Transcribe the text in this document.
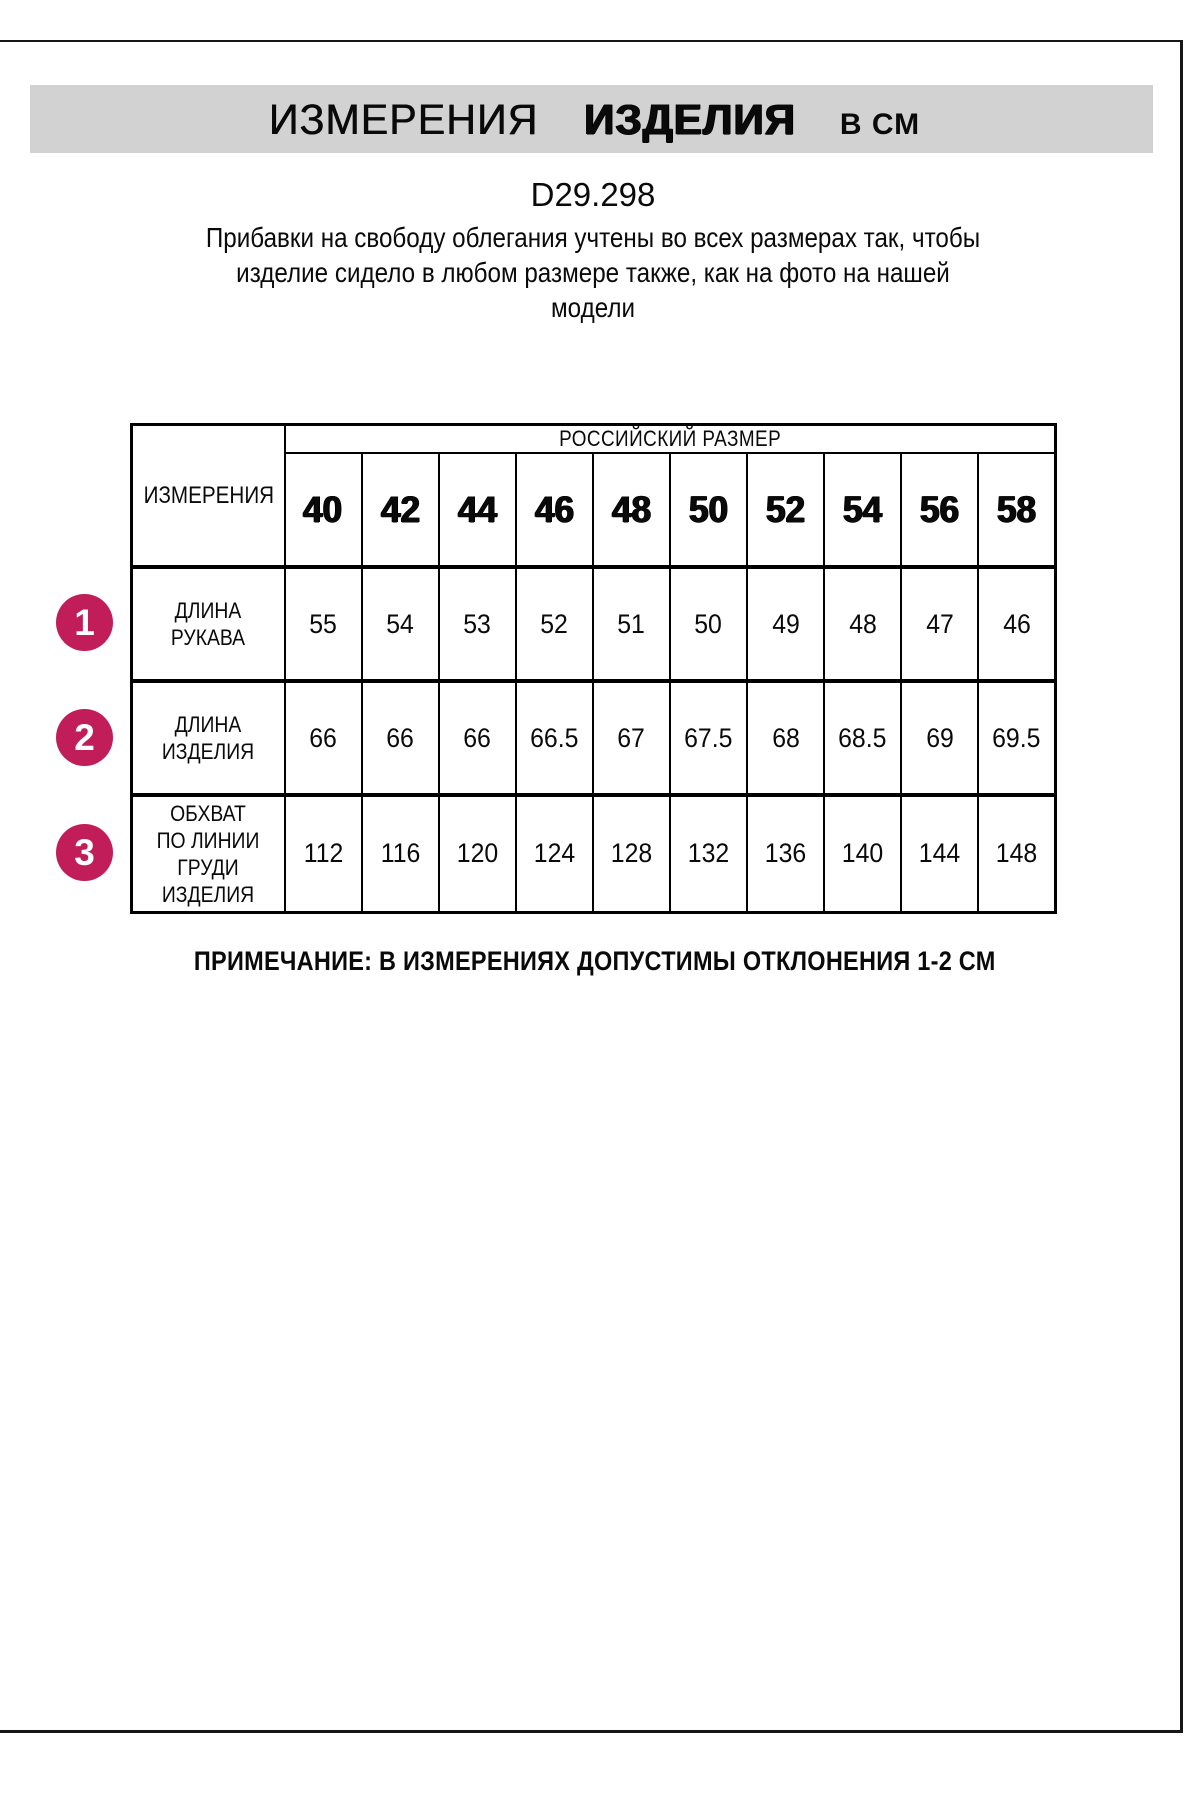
ИЗМЕРЕНИЯ ИЗДЕЛИЯ В СМ
D29.298
Прибавки на свободу облегания учтены во всех размерах так, чтобы
изделие сидело в любом размере также, как на фото на нашей
модели
ИЗМЕРЕНИЯ	РОССИЙСКИЙ РАЗМЕР									
	40	42	44	46	48	50	52	54	56	58
ДЛИНА РУКАВА	55	54	53	52	51	50	49	48	47	46
ДЛИНА ИЗДЕЛИЯ	66	66	66	66.5	67	67.5	68	68.5	69	69.5
ОБХВАТ ПО ЛИНИИ ГРУДИ ИЗДЕЛИЯ	112	116	120	124	128	132	136	140	144	148
1
2
3
ПРИМЕЧАНИЕ: В ИЗМЕРЕНИЯХ ДОПУСТИМЫ ОТКЛОНЕНИЯ 1-2 СМ
